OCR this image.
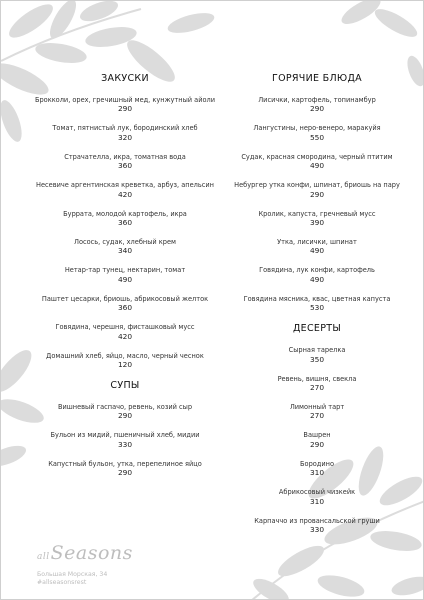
ЗАКУСКИ
Брокколи, орех, гречишный мед, кунжутный айоли
290
Томат, пятнистый лук, бородинский хлеб
320
Страчателла, икра, томатная вода
360
Несевиче аргентинская креветка, арбуз, апельсин
420
Буррата, молодой картофель, икра
360
Лосось, судак, хлебный крем
340
Нетар-тар тунец, нектарин, томат
490
Паштет цесарки, бриошь, абрикосовый желток
360
Говядина, черешня, фисташковый мусс
420
Домашний хлеб, яйцо, масло, черный чеснок
120
СУПЫ
Вишневый гаспачо, ревень, козий сыр
290
Бульон из мидий, пшеничный хлеб, мидии
330
Капустный бульон, утка, перепелиное яйцо
290
ГОРЯЧИЕ БЛЮДА
Лисички, картофель, топинамбур
290
Лангустины, неро-венеро, маракуйя
550
Судак, красная смородина, черный птитим
490
Небургер утка конфи, шпинат, бриошь на пару
290
Кролик, капуста, гречневый мусс
390
Утка, лисички, шпинат
490
Говядина, лук конфи, картофель
490
Говядина мясника, квас, цветная капуста
530
ДЕСЕРТЫ
Сырная тарелка
350
Ревень, вишня, свекла
270
Лимонный тарт
270
Вашрен
290
Бородино
310
Абрикосовый чизкейк
310
Карпаччо из провансальской груши
330
allSeasons
Большая Морская, 34
#allseasonsrest
